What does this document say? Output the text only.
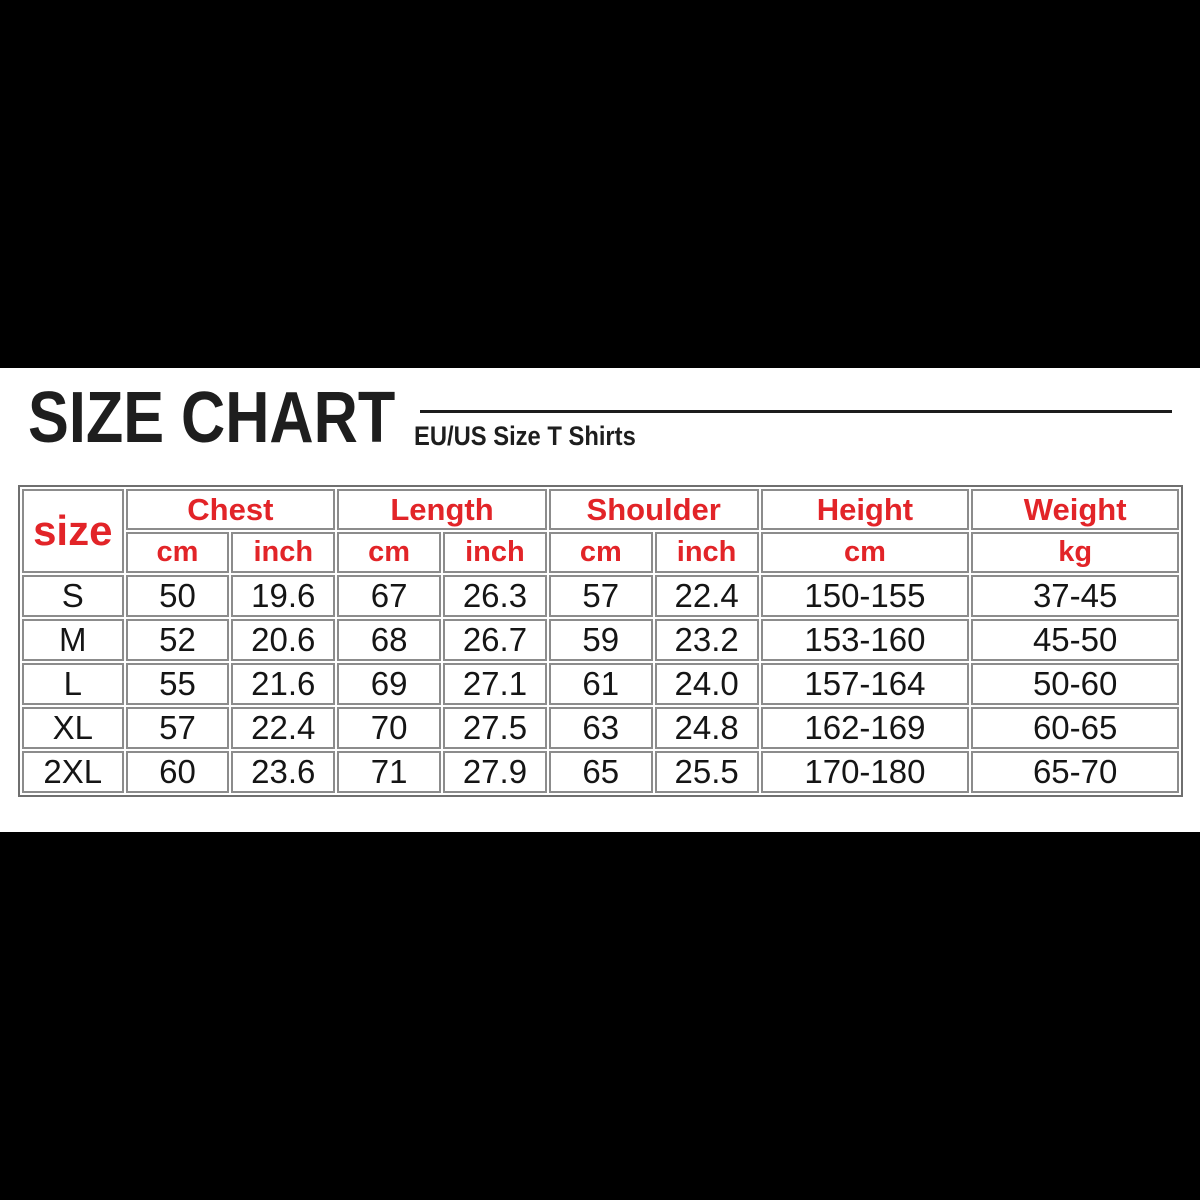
SIZE CHART EU/US Size T Shirts
size	Chest		Length		Shoulder		Height	Weight
	cm	inch	cm	inch	cm	inch	cm	kg
S	50	19.6	67	26.3	57	22.4	150-155	37-45
M	52	20.6	68	26.7	59	23.2	153-160	45-50
L	55	21.6	69	27.1	61	24.0	157-164	50-60
XL	57	22.4	70	27.5	63	24.8	162-169	60-65
2XL	60	23.6	71	27.9	65	25.5	170-180	65-70
